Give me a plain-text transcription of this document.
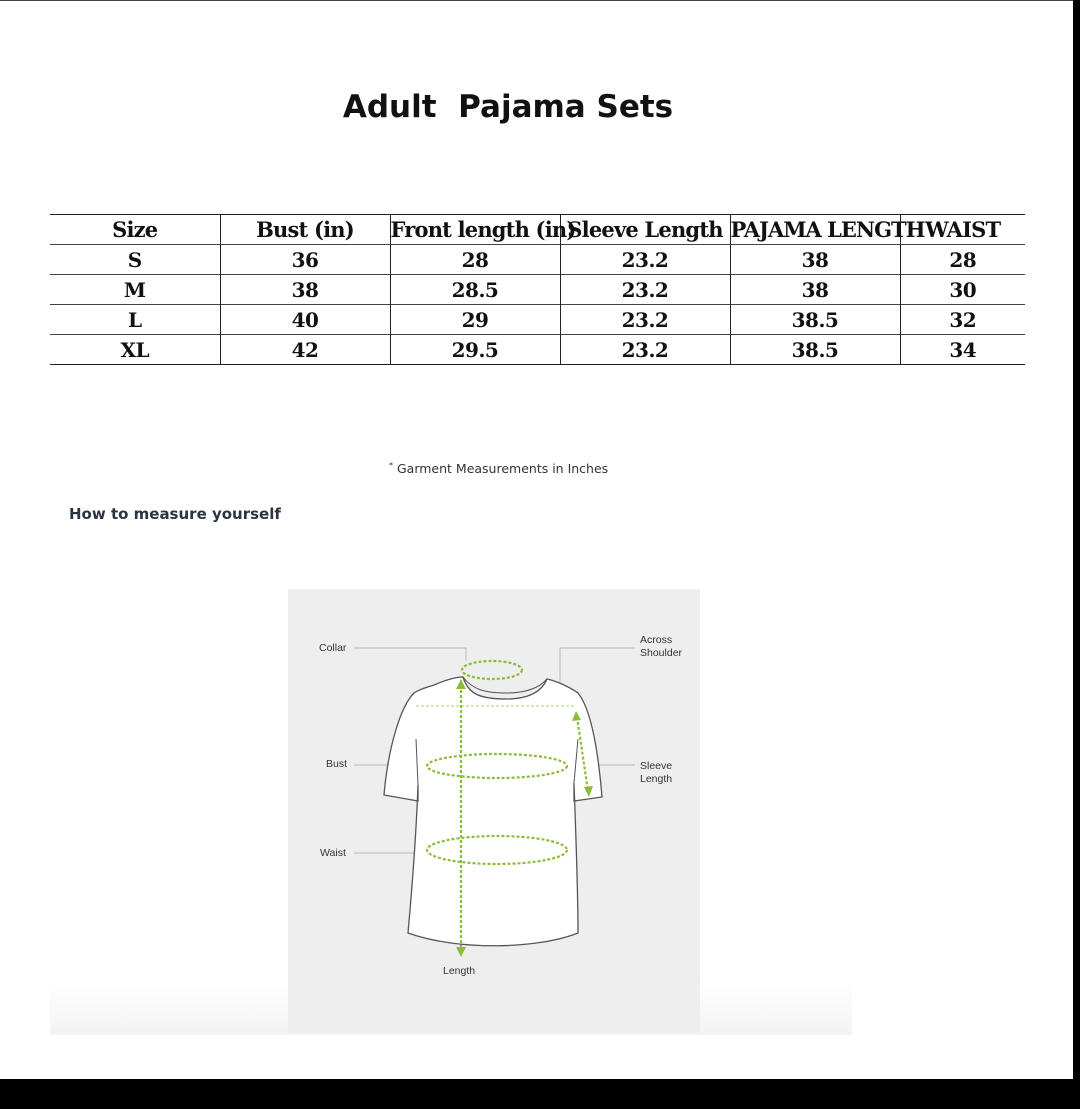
Adult  Pajama Sets
Size	Bust (in)	Front length (in)	Sleeve Length	PAJAMA LENGTH	WAIST
S	36	28	23.2	38	28
M	38	28.5	23.2	38	30
L	40	29	23.2	38.5	32
XL	42	29.5	23.2	38.5	34
* Garment Measurements in Inches
How to measure yourself
Collar
Across
Shoulder
Bust	Sleeve
Length
Waist
Length
